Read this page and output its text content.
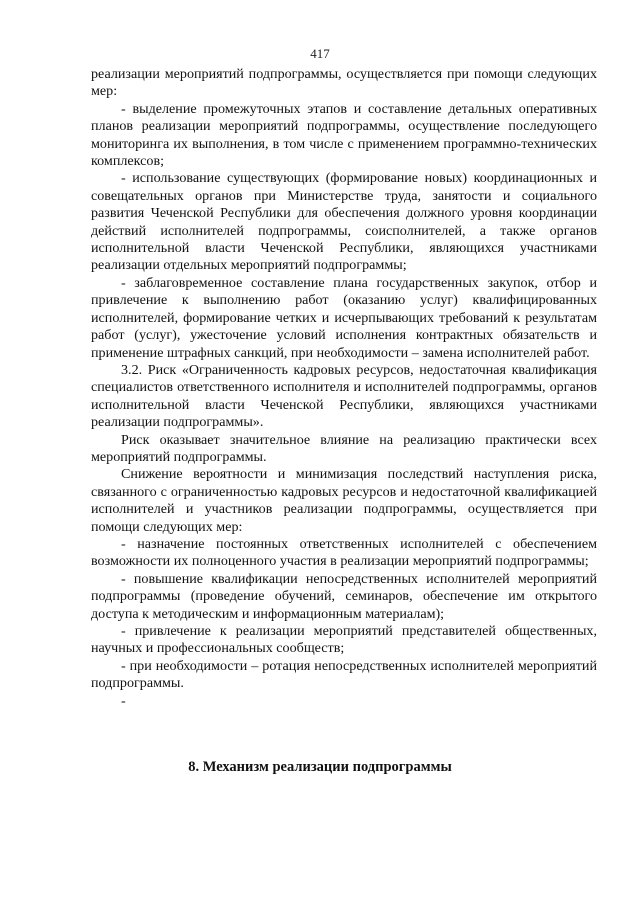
417

реализации мероприятий подпрограммы, осуществляется при помощи следующих мер:

- выделение промежуточных этапов и составление детальных оперативных планов реализации мероприятий подпрограммы, осуществление последующего мониторинга их выполнения, в том числе с применением программно-технических комплексов;

- использование существующих (формирование новых) координационных и совещательных органов при Министерстве труда, занятости и социального развития Чеченской Республики для обеспечения должного уровня координации действий исполнителей подпрограммы, соисполнителей, а также органов исполнительной власти Чеченской Республики, являющихся участниками реализации отдельных мероприятий подпрограммы;

- заблаговременное составление плана государственных закупок, отбор и привлечение к выполнению работ (оказанию услуг) квалифицированных исполнителей, формирование четких и исчерпывающих требований к результатам работ (услуг), ужесточение условий исполнения контрактных обязательств и применение штрафных санкций, при необходимости – замена исполнителей работ.

3.2. Риск «Ограниченность кадровых ресурсов, недостаточная квалификация специалистов ответственного исполнителя и исполнителей подпрограммы, органов исполнительной власти Чеченской Республики, являющихся участниками реализации подпрограммы».

Риск оказывает значительное влияние на реализацию практически всех мероприятий подпрограммы.

Снижение вероятности и минимизация последствий наступления риска, связанного с ограниченностью кадровых ресурсов и недостаточной квалификацией исполнителей и участников реализации подпрограммы, осуществляется при помощи следующих мер:

- назначение постоянных ответственных исполнителей с обеспечением возможности их полноценного участия в реализации мероприятий подпрограммы;

- повышение квалификации непосредственных исполнителей мероприятий подпрограммы (проведение обучений, семинаров, обеспечение им открытого доступа к методическим и информационным материалам);

- привлечение к реализации мероприятий представителей общественных, научных и профессиональных сообществ;

- при необходимости – ротация непосредственных исполнителей мероприятий подпрограммы.

-

8. Механизм реализации подпрограммы
